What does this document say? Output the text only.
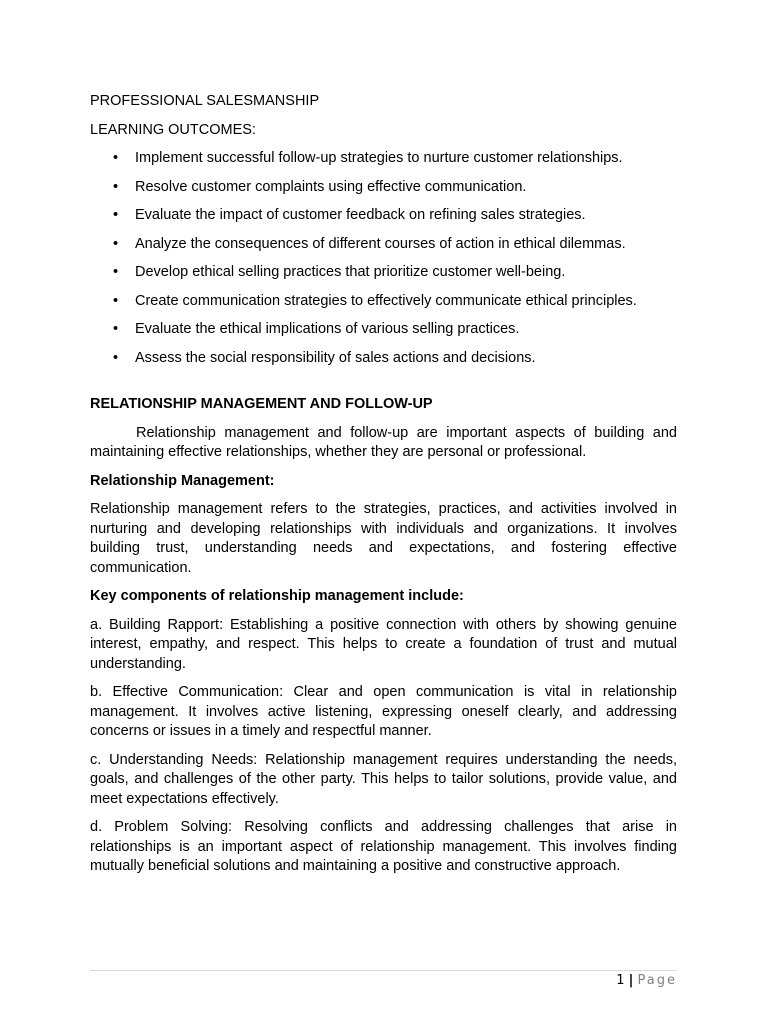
PROFESSIONAL SALESMANSHIP
LEARNING OUTCOMES:
• Implement successful follow-up strategies to nurture customer relationships.
• Resolve customer complaints using effective communication.
• Evaluate the impact of customer feedback on refining sales strategies.
• Analyze the consequences of different courses of action in ethical dilemmas.
• Develop ethical selling practices that prioritize customer well-being.
• Create communication strategies to effectively communicate ethical principles.
• Evaluate the ethical implications of various selling practices.
• Assess the social responsibility of sales actions and decisions.
RELATIONSHIP MANAGEMENT AND FOLLOW-UP

Relationship management and follow-up are important aspects of building and maintaining effective relationships, whether they are personal or professional.

Relationship Management:

Relationship management refers to the strategies, practices, and activities involved in nurturing and developing relationships with individuals and organizations. It involves building trust, understanding needs and expectations, and fostering effective communication.

Key components of relationship management include:

a. Building Rapport: Establishing a positive connection with others by showing genuine interest, empathy, and respect. This helps to create a foundation of trust and mutual understanding.

b. Effective Communication: Clear and open communication is vital in relationship management. It involves active listening, expressing oneself clearly, and addressing concerns or issues in a timely and respectful manner.

c. Understanding Needs: Relationship management requires understanding the needs, goals, and challenges of the other party. This helps to tailor solutions, provide value, and meet expectations effectively.

d. Problem Solving: Resolving conflicts and addressing challenges that arise in relationships is an important aspect of relationship management. This involves finding mutually beneficial solutions and maintaining a positive and constructive approach.

1 | Page
